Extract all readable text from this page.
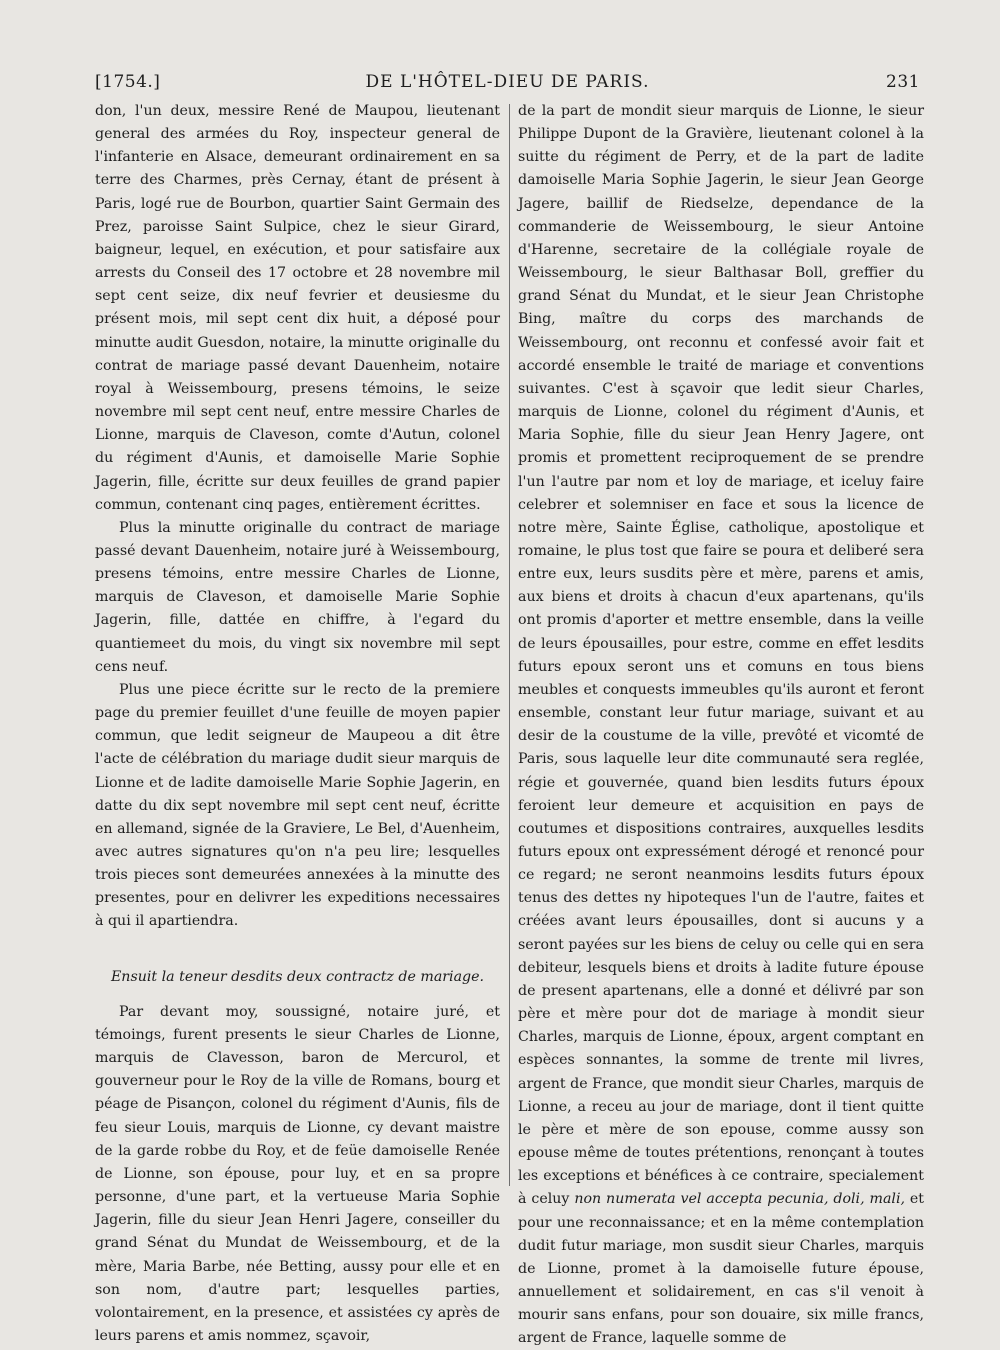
[1754.]	DE L'HÔTEL-DIEU DE PARIS.	231

don, l'un deux, messire René de Maupou, lieutenant general des armées du Roy, inspecteur general de l'infanterie en Alsace, demeurant ordinairement en sa terre des Charmes, près Cernay, étant de présent à Paris, logé rue de Bourbon, quartier Saint Germain des Prez, paroisse Saint Sulpice, chez le sieur Girard, baigneur, lequel, en exécution, et pour satisfaire aux arrests du Conseil des 17 octobre et 28 novembre mil sept cent seize, dix neuf fevrier et deusiesme du présent mois, mil sept cent dix huit, a déposé pour minutte audit Guesdon, notaire, la minutte originalle du contrat de mariage passé devant Dauenheim, notaire royal à Weissembourg, presens témoins, le seize novembre mil sept cent neuf, entre messire Charles de Lionne, marquis de Claveson, comte d'Autun, colonel du régiment d'Aunis, et damoiselle Marie Sophie Jagerin, fille, écritte sur deux feuilles de grand papier commun, contenant cinq pages, entièrement écrittes.

Plus la minutte originalle du contract de mariage passé devant Dauenheim, notaire juré à Weissembourg, presens témoins, entre messire Charles de Lionne, marquis de Claveson, et damoiselle Marie Sophie Jagerin, fille, dattée en chiffre, à l'egard du quantiemeet du mois, du vingt six novembre mil sept cens neuf.

Plus une piece écritte sur le recto de la premiere page du premier feuillet d'une feuille de moyen papier commun, que ledit seigneur de Maupeou a dit être l'acte de célébration du mariage dudit sieur marquis de Lionne et de ladite damoiselle Marie Sophie Jagerin, en datte du dix sept novembre mil sept cent neuf, écritte en allemand, signée de la Graviere, Le Bel, d'Auenheim, avec autres signatures qu'on n'a peu lire; lesquelles trois pieces sont demeurées annexées à la minutte des presentes, pour en delivrer les expeditions necessaires à qui il apartiendra.

Ensuit la teneur desdits deux contractz de mariage.

Par devant moy, soussigné, notaire juré, et témoings, furent presents le sieur Charles de Lionne, marquis de Clavesson, baron de Mercurol, et gouverneur pour le Roy de la ville de Romans, bourg et péage de Pisançon, colonel du régiment d'Aunis, fils de feu sieur Louis, marquis de Lionne, cy devant maistre de la garde robbe du Roy, et de feüe damoiselle Renée de Lionne, son épouse, pour luy, et en sa propre personne, d'une part, et la vertueuse Maria Sophie Jagerin, fille du sieur Jean Henri Jagere, conseiller du grand Sénat du Mundat de Weissembourg, et de la mère, Maria Barbe, née Betting, aussy pour elle et en son nom, d'autre part; lesquelles parties, volontairement, en la presence, et assistées cy après de leurs parens et amis nommez, sçavoir,

de la part de mondit sieur marquis de Lionne, le sieur Philippe Dupont de la Gravière, lieutenant colonel à la suitte du régiment de Perry, et de la part de ladite damoiselle Maria Sophie Jagerin, le sieur Jean George Jagere, baillif de Riedselze, dependance de la commanderie de Weissembourg, le sieur Antoine d'Harenne, secretaire de la collégiale royale de Weissembourg, le sieur Balthasar Boll, greffier du grand Sénat du Mundat, et le sieur Jean Christophe Bing, maître du corps des marchands de Weissembourg, ont reconnu et confessé avoir fait et accordé ensemble le traité de mariage et conventions suivantes. C'est à sçavoir que ledit sieur Charles, marquis de Lionne, colonel du régiment d'Aunis, et Maria Sophie, fille du sieur Jean Henry Jagere, ont promis et promettent reciproquement de se prendre l'un l'autre par nom et loy de mariage, et iceluy faire celebrer et solemniser en face et sous la licence de notre mère, Sainte Église, catholique, apostolique et romaine, le plus tost que faire se poura et deliberé sera entre eux, leurs susdits père et mère, parens et amis, aux biens et droits à chacun d'eux apartenans, qu'ils ont promis d'aporter et mettre ensemble, dans la veille de leurs épousailles, pour estre, comme en effet lesdits futurs epoux seront uns et comuns en tous biens meubles et conquests immeubles qu'ils auront et feront ensemble, constant leur futur mariage, suivant et au desir de la coustume de la ville, prevôté et vicomté de Paris, sous laquelle leur dite communauté sera reglée, régie et gouvernée, quand bien lesdits futurs époux feroient leur demeure et acquisition en pays de coutumes et dispositions contraires, auxquelles lesdits futurs epoux ont expressément dérogé et renoncé pour ce regard; ne seront neanmoins lesdits futurs époux tenus des dettes ny hipoteques l'un de l'autre, faites et créées avant leurs épousailles, dont si aucuns y a seront payées sur les biens de celuy ou celle qui en sera debiteur, lesquels biens et droits à ladite future épouse de present apartenans, elle a donné et délivré par son père et mère pour dot de mariage à mondit sieur Charles, marquis de Lionne, époux, argent comptant en espèces sonnantes, la somme de trente mil livres, argent de France, que mondit sieur Charles, marquis de Lionne, a receu au jour de mariage, dont il tient quitte le père et mère de son epouse, comme aussy son epouse même de toutes prétentions, renonçant à toutes les exceptions et bénéfices à ce contraire, specialement à celuy non numerata vel accepta pecunia, doli, mali, et pour une reconnaissance; et en la même contemplation dudit futur mariage, mon susdit sieur Charles, marquis de Lionne, promet à la damoiselle future épouse, annuellement et solidairement, en cas s'il venoit à mourir sans enfans, pour son douaire, six mille francs, argent de France, laquelle somme de
